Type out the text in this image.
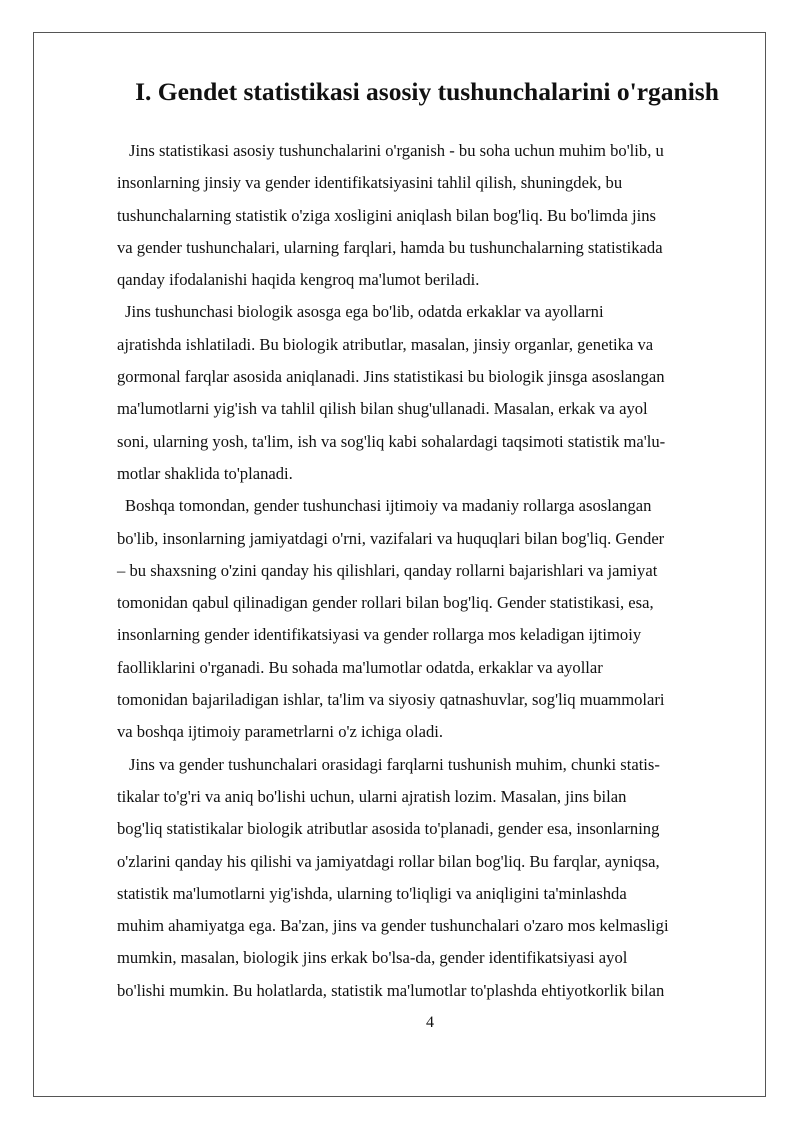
I. Gendet statistikasi asosiy tushunchalarini o'rganish

Jins statistikasi asosiy tushunchalarini o'rganish - bu soha uchun muhim bo'lib, u
insonlarning jinsiy va gender identifikatsiyasini tahlil qilish, shuningdek, bu
tushunchalarning statistik o'ziga xosligini aniqlash bilan bog'liq. Bu bo'limda jins
va gender tushunchalari, ularning farqlari, hamda bu tushunchalarning statistikada
qanday ifodalanishi haqida kengroq ma'lumot beriladi.

Jins tushunchasi biologik asosga ega bo'lib, odatda erkaklar va ayollarni
ajratishda ishlatiladi. Bu biologik atributlar, masalan, jinsiy organlar, genetika va
gormonal farqlar asosida aniqlanadi. Jins statistikasi bu biologik jinsga asoslangan
ma'lumotlarni yig'ish va tahlil qilish bilan shug'ullanadi. Masalan, erkak va ayol
soni, ularning yosh, ta'lim, ish va sog'liq kabi sohalardagi taqsimoti statistik ma'lu-
motlar shaklida to'planadi.

Boshqa tomondan, gender tushunchasi ijtimoiy va madaniy rollarga asoslangan
bo'lib, insonlarning jamiyatdagi o'rni, vazifalari va huquqlari bilan bog'liq. Gender
– bu shaxsning o'zini qanday his qilishlari, qanday rollarni bajarishlari va jamiyat
tomonidan qabul qilinadigan gender rollari bilan bog'liq. Gender statistikasi, esa,
insonlarning gender identifikatsiyasi va gender rollarga mos keladigan ijtimoiy
faolliklarini o'rganadi. Bu sohada ma'lumotlar odatda, erkaklar va ayollar
tomonidan bajariladigan ishlar, ta'lim va siyosiy qatnashuvlar, sog'liq muammolari
va boshqa ijtimoiy parametrlarni o'z ichiga oladi.

Jins va gender tushunchalari orasidagi farqlarni tushunish muhim, chunki statis-
tikalar to'g'ri va aniq bo'lishi uchun, ularni ajratish lozim. Masalan, jins bilan
bog'liq statistikalar biologik atributlar asosida to'planadi, gender esa, insonlarning
o'zlarini qanday his qilishi va jamiyatdagi rollar bilan bog'liq. Bu farqlar, ayniqsa,
statistik ma'lumotlarni yig'ishda, ularning to'liqligi va aniqligini ta'minlashda
muhim ahamiyatga ega. Ba'zan, jins va gender tushunchalari o'zaro mos kelmasligi
mumkin, masalan, biologik jins erkak bo'lsa-da, gender identifikatsiyasi ayol
bo'lishi mumkin. Bu holatlarda, statistik ma'lumotlar to'plashda ehtiyotkorlik bilan

4
